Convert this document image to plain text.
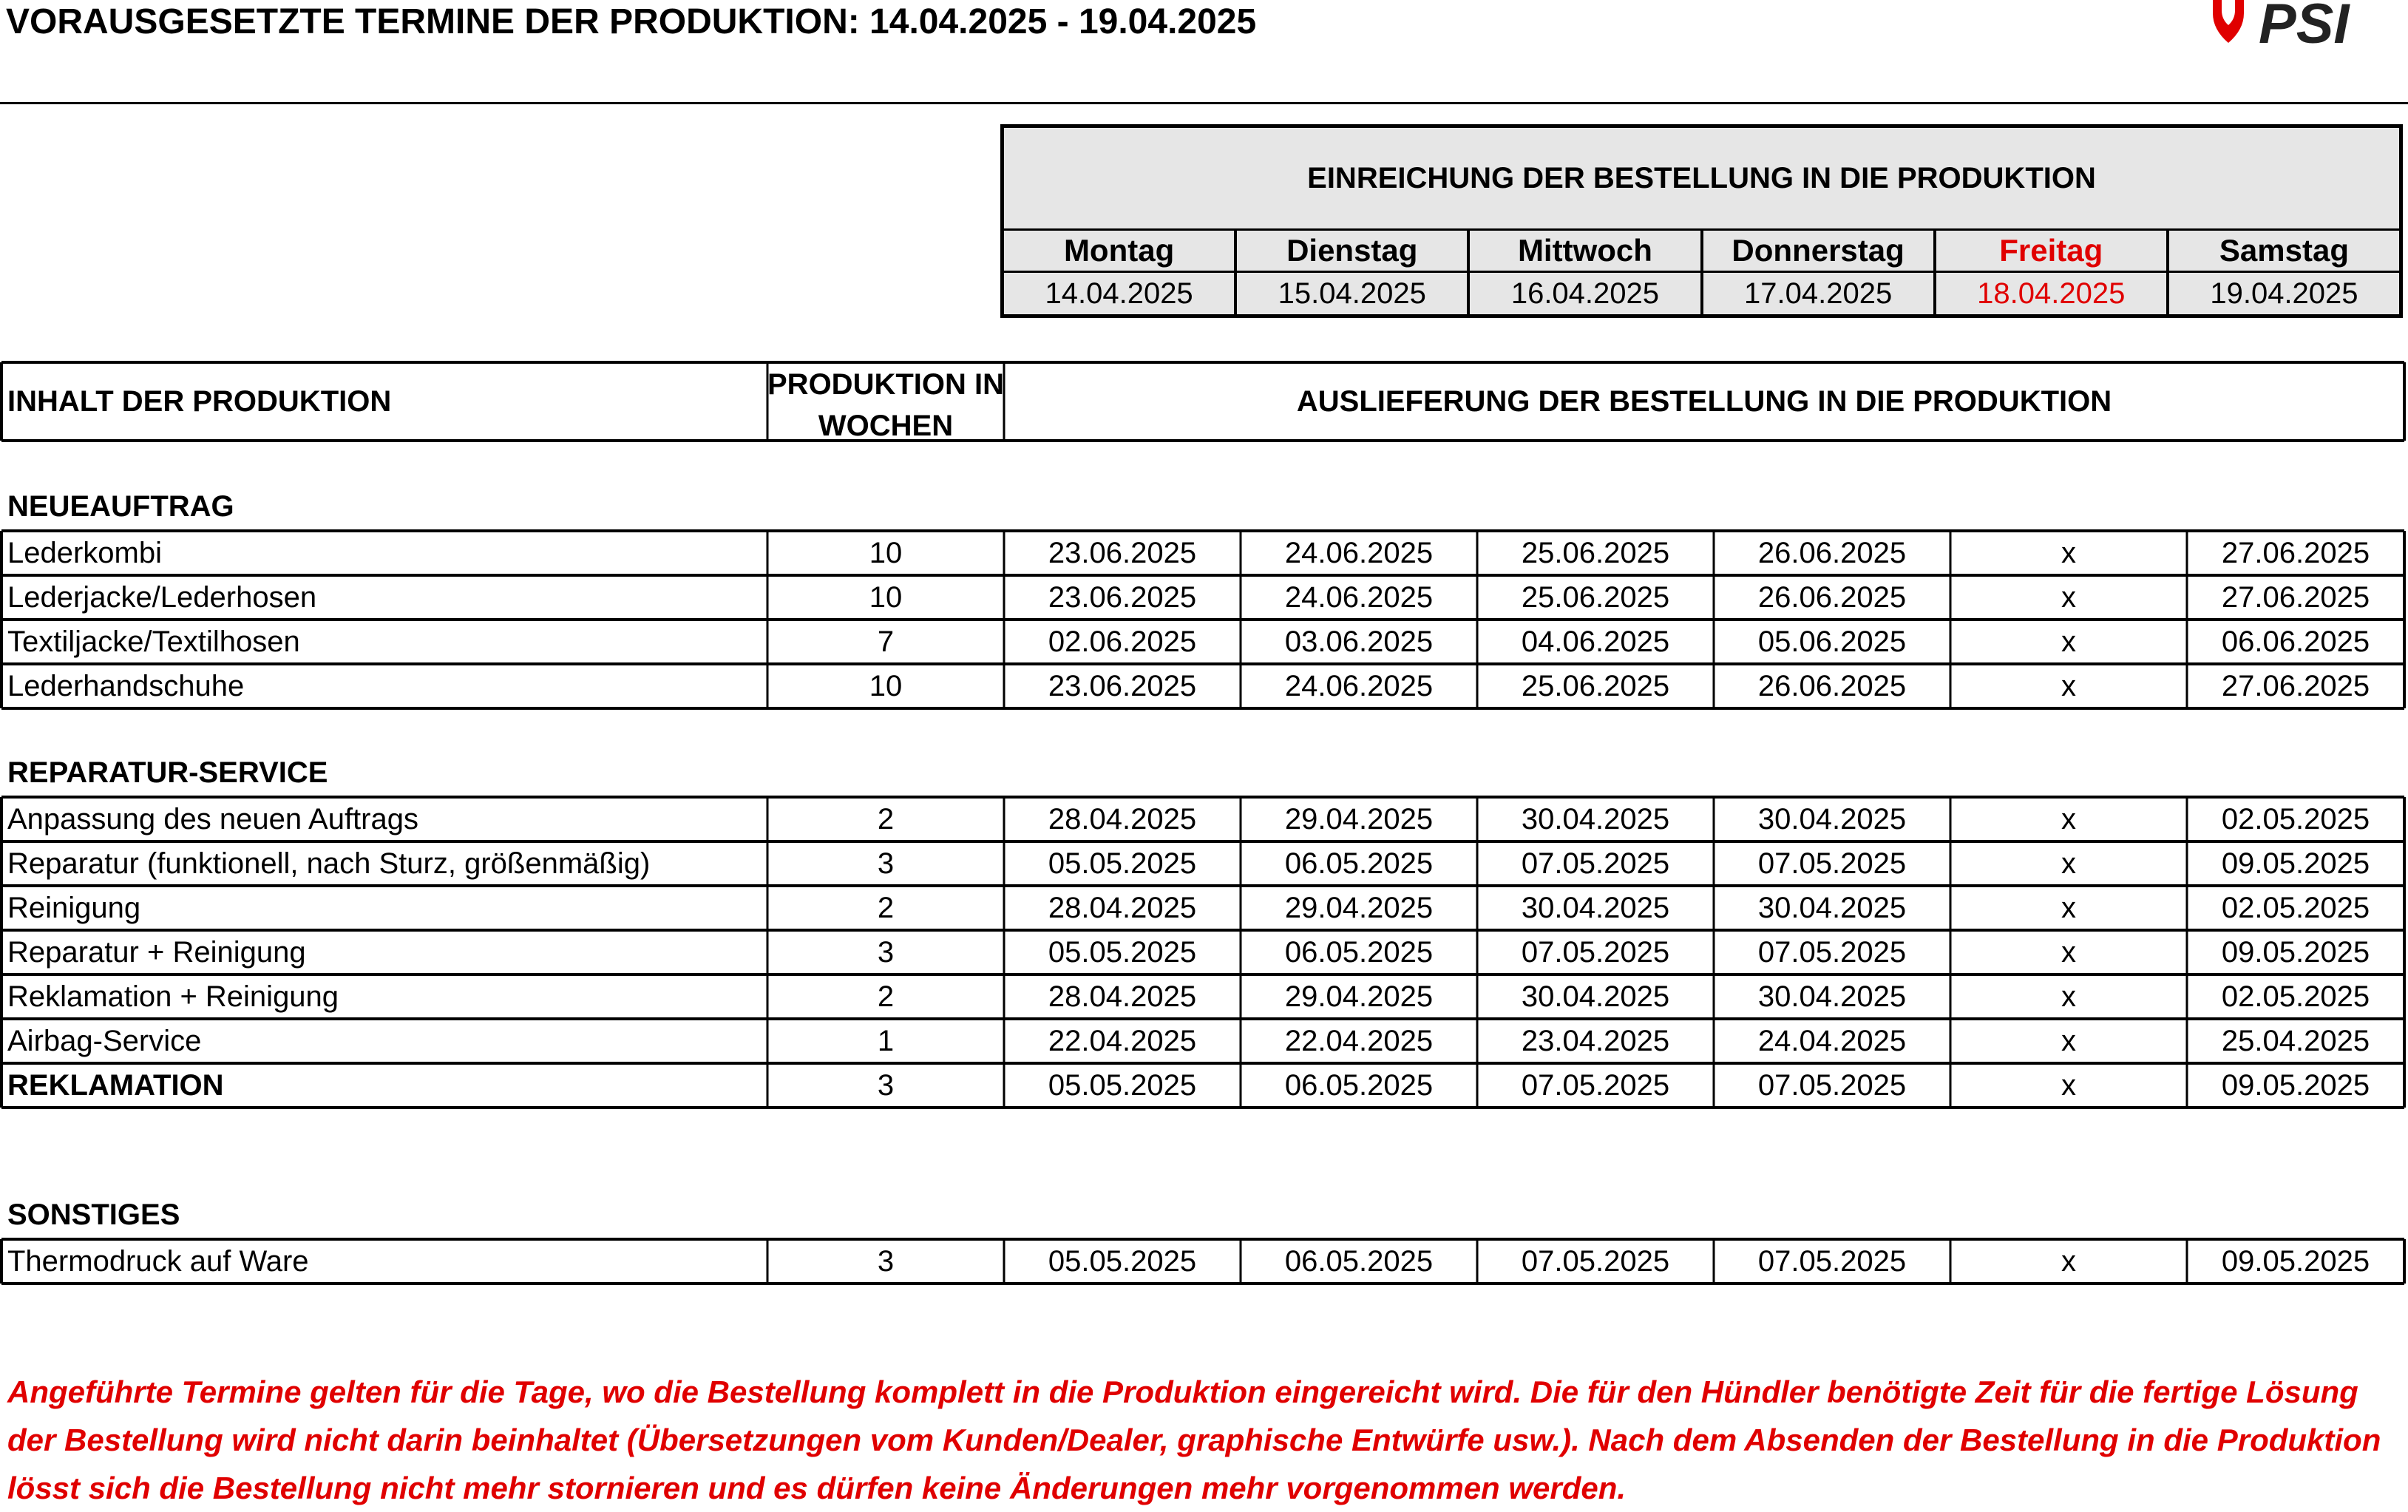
VORAUSGESETZTE TERMINE DER PRODUKTION: 14.04.2025 - 19.04.2025	PSI
EINREICHUNG DER BESTELLUNG IN DIE PRODUKTION
Montag	Dienstag	Mittwoch	Donnerstag	Freitag	Samstag
14.04.2025	15.04.2025	16.04.2025	17.04.2025	18.04.2025	19.04.2025
INHALT DER PRODUKTION
PRODUKTION IN WOCHEN
AUSLIEFERUNG DER BESTELLUNG IN DIE PRODUKTION
NEUEAUFTRAG
Lederkombi	10	23.06.2025	24.06.2025	25.06.2025	26.06.2025	x	27.06.2025
Lederjacke/Lederhosen	10	23.06.2025	24.06.2025	25.06.2025	26.06.2025	x	27.06.2025
Textiljacke/Textilhosen	7	02.06.2025	03.06.2025	04.06.2025	05.06.2025	x	06.06.2025
Lederhandschuhe	10	23.06.2025	24.06.2025	25.06.2025	26.06.2025	x	27.06.2025
REPARATUR-SERVICE
Anpassung des neuen Auftrags	2	28.04.2025	29.04.2025	30.04.2025	30.04.2025	x	02.05.2025
Reparatur (funktionell, nach Sturz, größenmäßig)	3	05.05.2025	06.05.2025	07.05.2025	07.05.2025	x	09.05.2025
Reinigung	2	28.04.2025	29.04.2025	30.04.2025	30.04.2025	x	02.05.2025
Reparatur + Reinigung	3	05.05.2025	06.05.2025	07.05.2025	07.05.2025	x	09.05.2025
Reklamation + Reinigung	2	28.04.2025	29.04.2025	30.04.2025	30.04.2025	x	02.05.2025
Airbag-Service	1	22.04.2025	22.04.2025	23.04.2025	24.04.2025	x	25.04.2025
REKLAMATION	3	05.05.2025	06.05.2025	07.05.2025	07.05.2025	x	09.05.2025
SONSTIGES
Thermodruck auf Ware	3	05.05.2025	06.05.2025	07.05.2025	07.05.2025	x	09.05.2025
Angeführte Termine gelten für die Tage, wo die Bestellung komplett in die Produktion eingereicht wird. Die für den Hündler benötigte Zeit für die fertige Lösung der Bestellung wird nicht darin beinhaltet (Übersetzungen vom Kunden/Dealer, graphische Entwürfe usw.). Nach dem Absenden der Bestellung in die Produktion lösst sich die Bestellung nicht mehr stornieren und es dürfen keine Änderungen mehr vorgenommen werden.
